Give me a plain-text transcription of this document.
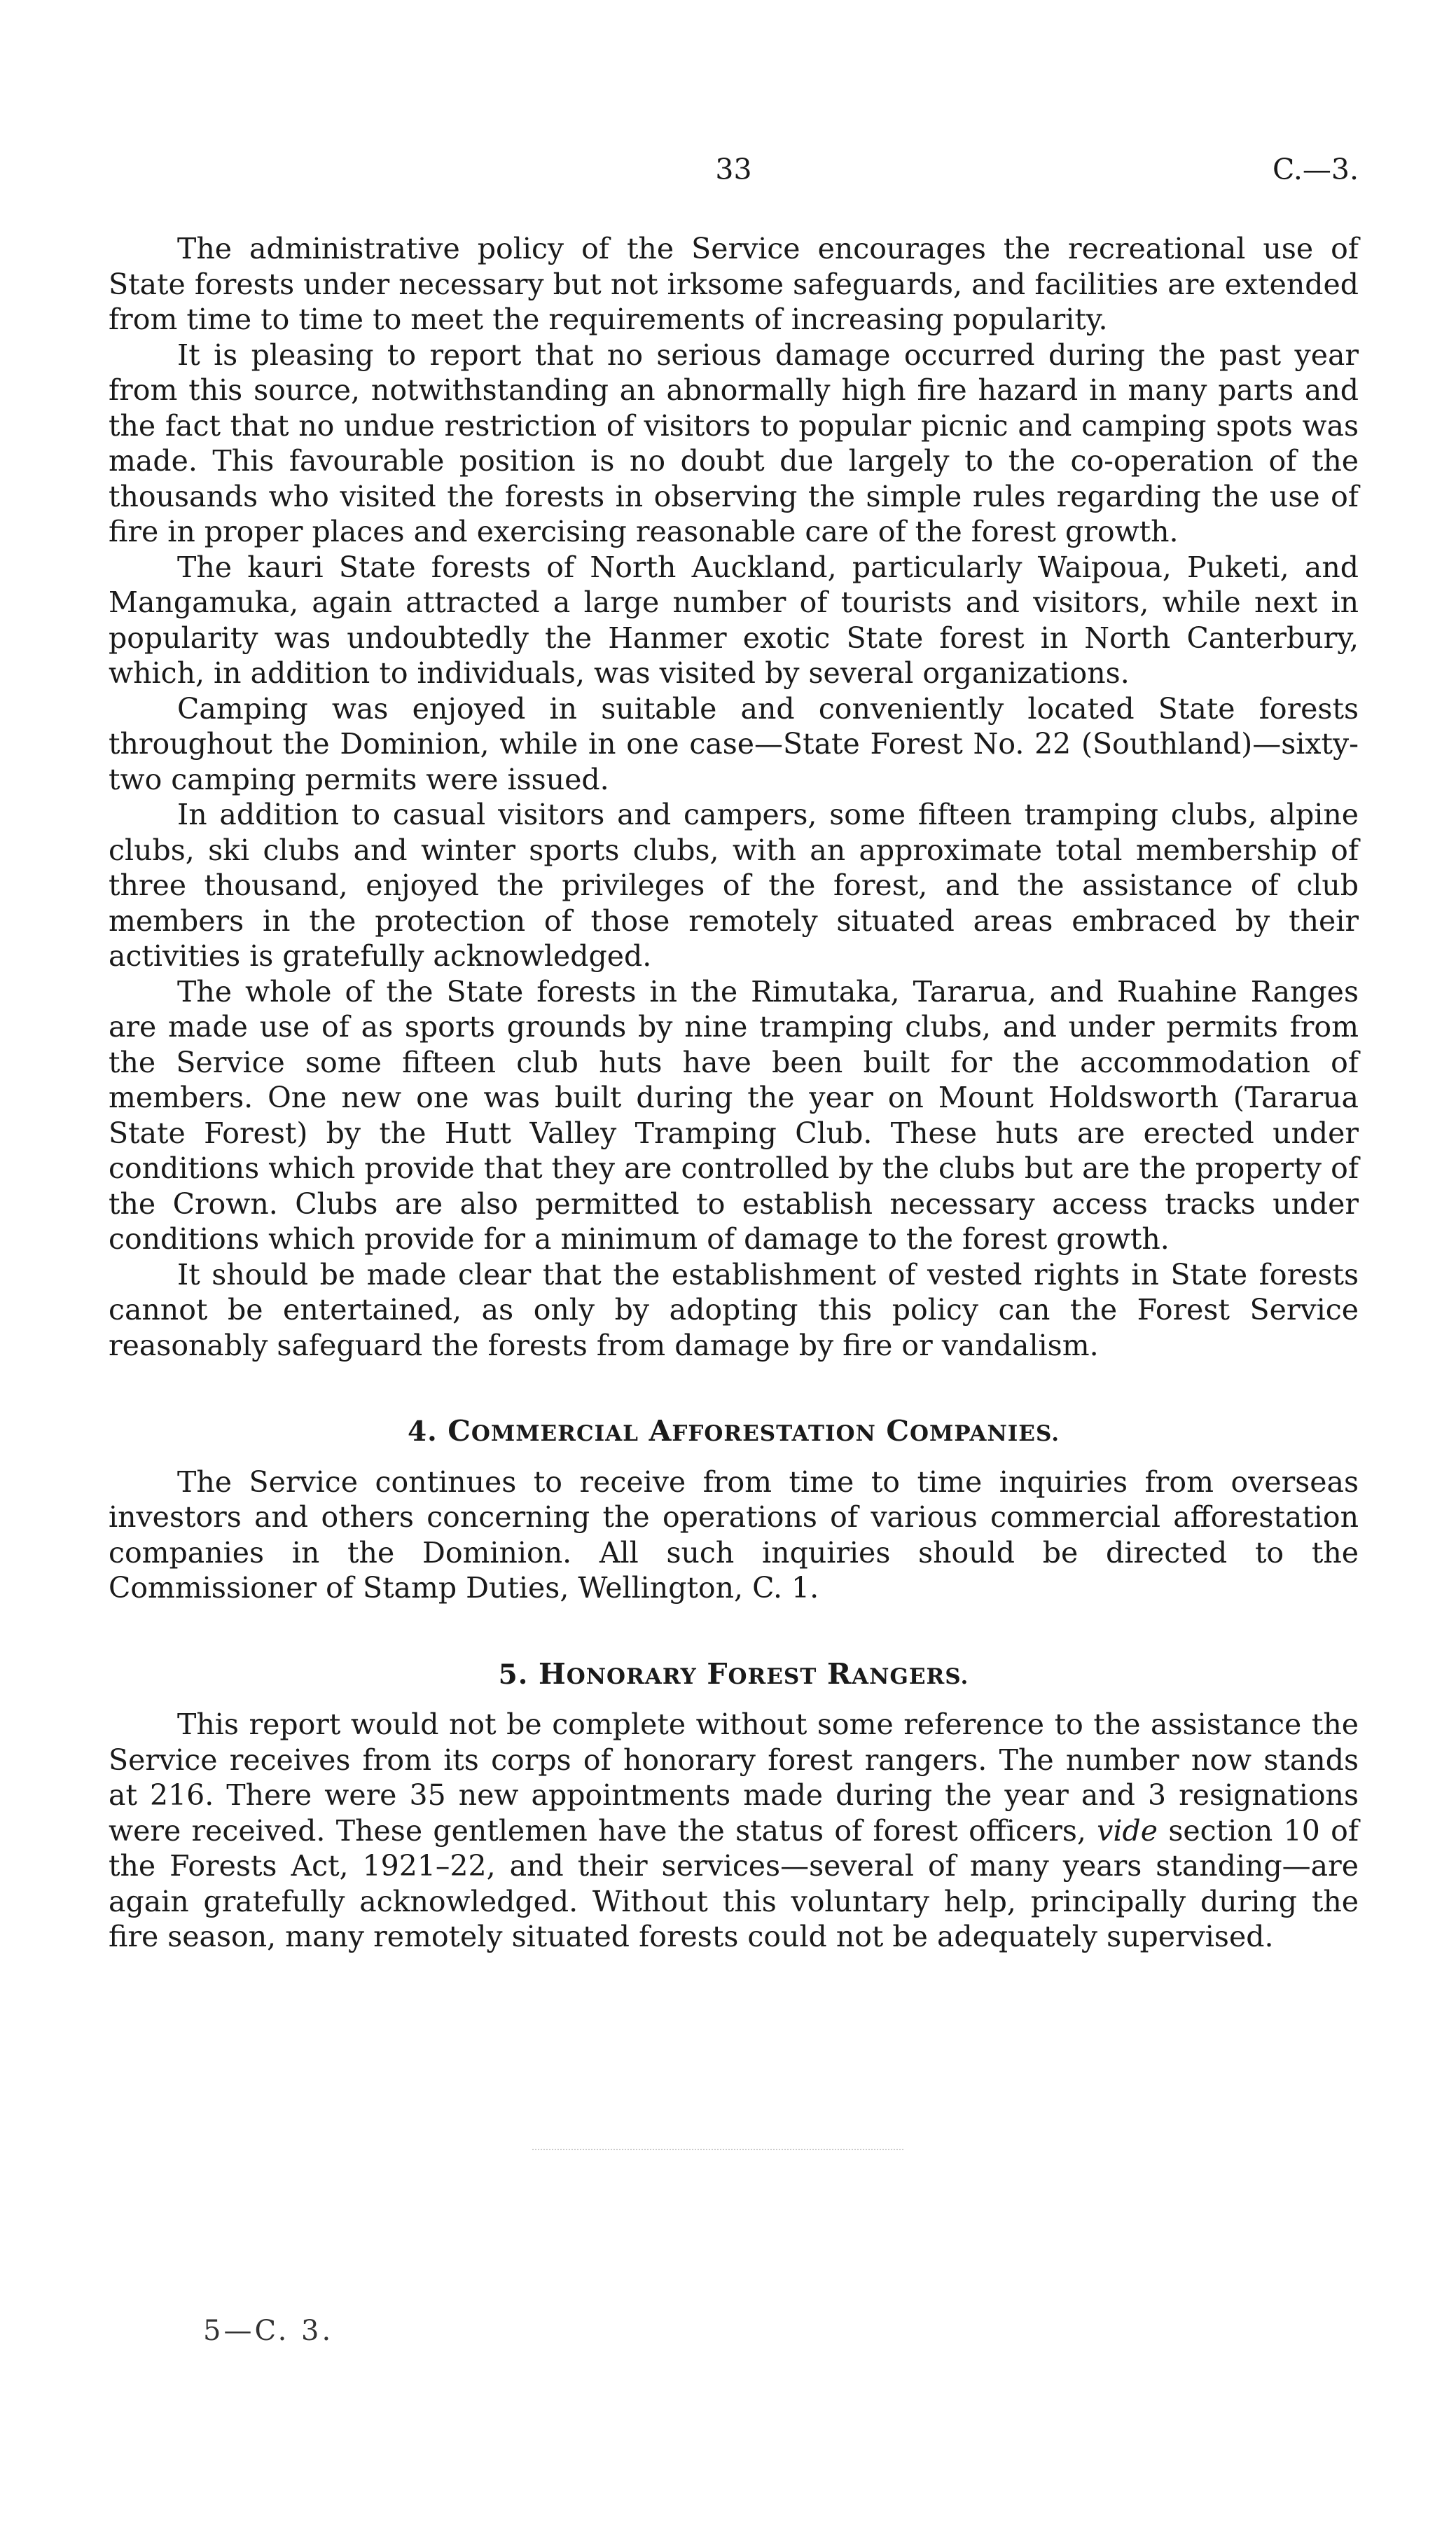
33	C.—3.

The administrative policy of the Service encourages the recreational use of State forests under necessary but not irksome safeguards, and facilities are extended from time to time to meet the requirements of increasing popularity.

It is pleasing to report that no serious damage occurred during the past year from this source, notwithstanding an abnormally high fire hazard in many parts and the fact that no undue restriction of visitors to popular picnic and camping spots was made. This favourable position is no doubt due largely to the co-operation of the thousands who visited the forests in observing the simple rules regarding the use of fire in proper places and exercising reasonable care of the forest growth.

The kauri State forests of North Auckland, particularly Waipoua, Puketi, and Mangamuka, again attracted a large number of tourists and visitors, while next in popularity was undoubtedly the Hanmer exotic State forest in North Canterbury, which, in addition to individuals, was visited by several organizations.

Camping was enjoyed in suitable and conveniently located State forests throughout the Dominion, while in one case—State Forest No. 22 (Southland)—sixty-two camping permits were issued.

In addition to casual visitors and campers, some fifteen tramping clubs, alpine clubs, ski clubs and winter sports clubs, with an approximate total membership of three thousand, enjoyed the privileges of the forest, and the assistance of club members in the protection of those remotely situated areas embraced by their activities is gratefully acknowledged.

The whole of the State forests in the Rimutaka, Tararua, and Ruahine Ranges are made use of as sports grounds by nine tramping clubs, and under permits from the Service some fifteen club huts have been built for the accommodation of members. One new one was built during the year on Mount Holdsworth (Tararua State Forest) by the Hutt Valley Tramping Club. These huts are erected under conditions which provide that they are controlled by the clubs but are the property of the Crown. Clubs are also permitted to establish necessary access tracks under conditions which provide for a minimum of damage to the forest growth.

It should be made clear that the establishment of vested rights in State forests cannot be entertained, as only by adopting this policy can the Forest Service reasonably safeguard the forests from damage by fire or vandalism.

4. COMMERCIAL AFFORESTATION COMPANIES.

The Service continues to receive from time to time inquiries from overseas investors and others concerning the operations of various commercial afforestation companies in the Dominion. All such inquiries should be directed to the Commissioner of Stamp Duties, Wellington, C. 1.

5. HONORARY FOREST RANGERS.

This report would not be complete without some reference to the assistance the Service receives from its corps of honorary forest rangers. The number now stands at 216. There were 35 new appointments made during the year and 3 resignations were received. These gentlemen have the status of forest officers, vide section 10 of the Forests Act, 1921–22, and their services—several of many years standing—are again gratefully acknowledged. Without this voluntary help, principally during the fire season, many remotely situated forests could not be adequately supervised.

5—C. 3.
